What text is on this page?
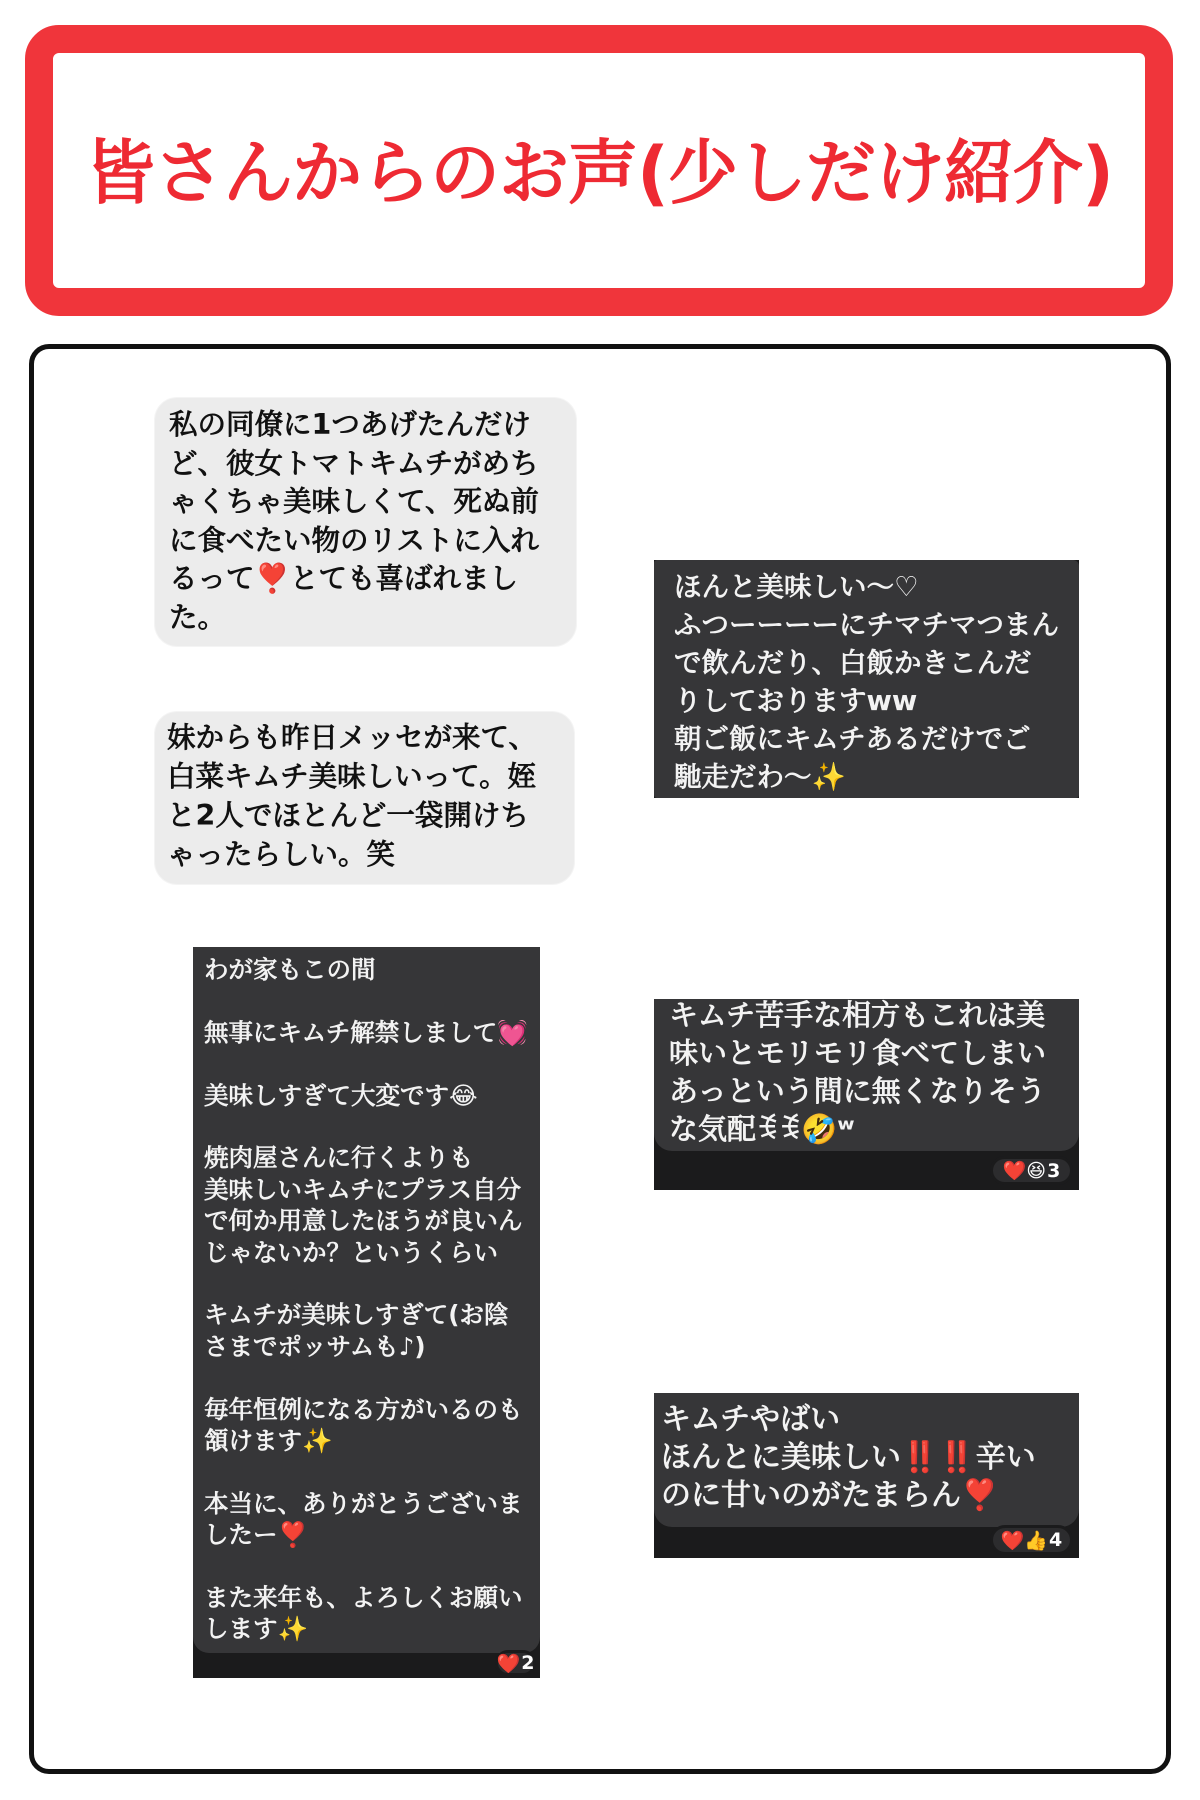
皆さんからのお声(少しだけ紹介)
私の同僚に1つあげたんだけ
ど、彼女トマトキムチがめち
ゃくちゃ美味しくて、死ぬ前
に食べたい物のリストに入れ
るって❣️とても喜ばれまし
た。
妹からも昨日メッセが来て、
白菜キムチ美味しいって。姪
と2人でほとんど一袋開けち
ゃったらしい。笑
ほんと美味しい〜♡
ふつーーーーにチマチマつまん
で飲んだり、白飯かきこんだ
りしておりますww
朝ご飯にキムチあるだけでご
馳走だわ〜✨
わが家もこの間
無事にキムチ解禁しまして💓
美味しすぎて大変です😂
焼肉屋さんに行くよりも
美味しいキムチにプラス自分
で何か用意したほうが良いん
じゃないか？というくらい
キムチが美味しすぎて(お陰
さまでポッサムも♪)
毎年恒例になる方がいるのも
頷けます✨
本当に、ありがとうございま
したー❣️
また来年も、よろしくお願い
します✨
❤️ 2
キムチ苦手な相方もこれは美
味いとモリモリ食べてしまい
あっという間に無くなりそう
な気配ꉂꉂ🤣ʷ
❤️😆 3
キムチやばい
ほんとに美味しい‼️‼️辛い
のに甘いのがたまらん❣️
❤️👍 4
